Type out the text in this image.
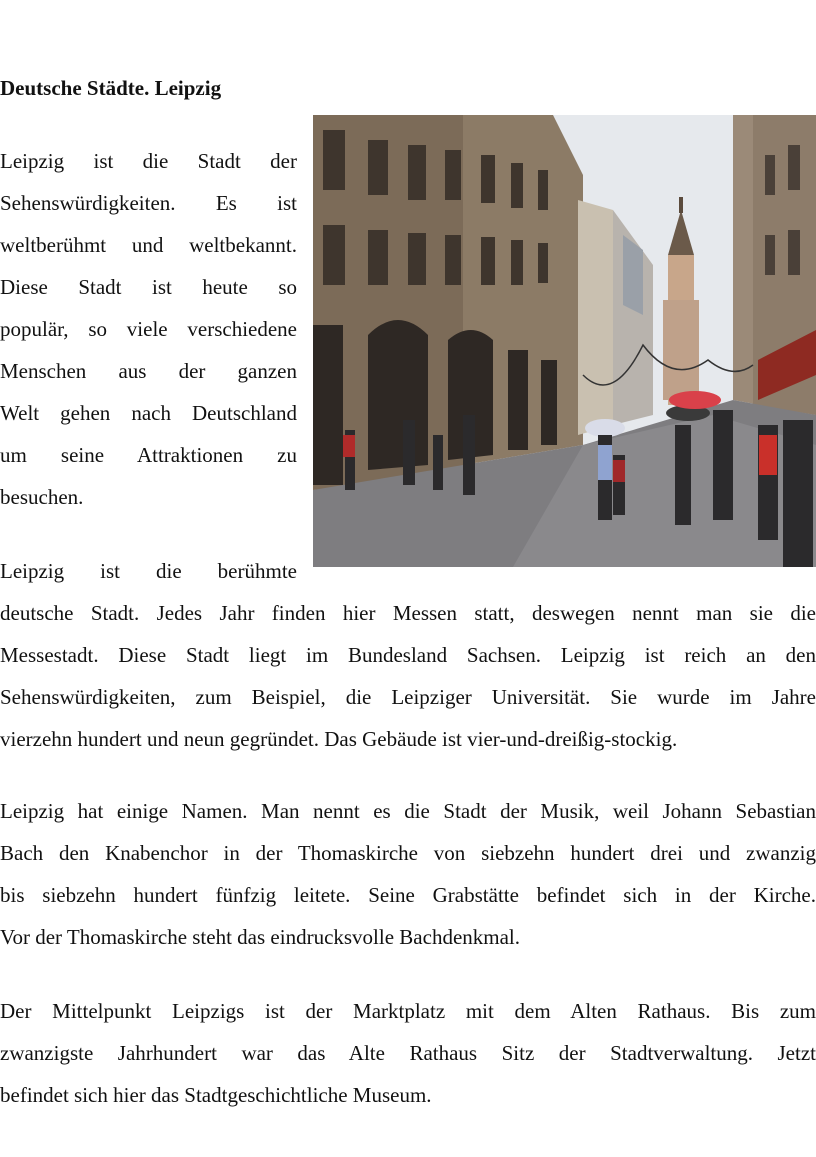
Deutsche Städte. Leipzig
Leipzig ist die Stadt der
Sehenswürdigkeiten. Es ist
weltberühmt und weltbekannt.
Diese Stadt ist heute so
populär, so viele verschiedene
Menschen aus der ganzen
Welt gehen nach Deutschland
um seine Attraktionen zu
besuchen.
Leipzig ist die berühmte
deutsche Stadt. Jedes Jahr finden hier Messen statt, deswegen nennt man sie die
Messestadt. Diese Stadt liegt im Bundesland Sachsen. Leipzig ist reich an den
Sehenswürdigkeiten, zum Beispiel, die Leipziger Universität. Sie wurde im Jahre
vierzehn hundert und neun gegründet. Das Gebäude ist vier-und-dreißig-stockig.
Leipzig hat einige Namen. Man nennt es die Stadt der Musik, weil Johann Sebastian
Bach den Knabenchor in der Thomaskirche von siebzehn hundert drei und zwanzig
bis siebzehn hundert fünfzig leitete. Seine Grabstätte befindet sich in der Kirche.
Vor der Thomaskirche steht das eindrucksvolle Bachdenkmal.
Der Mittelpunkt Leipzigs ist der Marktplatz mit dem Alten Rathaus. Bis zum
zwanzigste Jahrhundert war das Alte Rathaus Sitz der Stadtverwaltung. Jetzt
befindet sich hier das Stadtgeschichtliche Museum.
